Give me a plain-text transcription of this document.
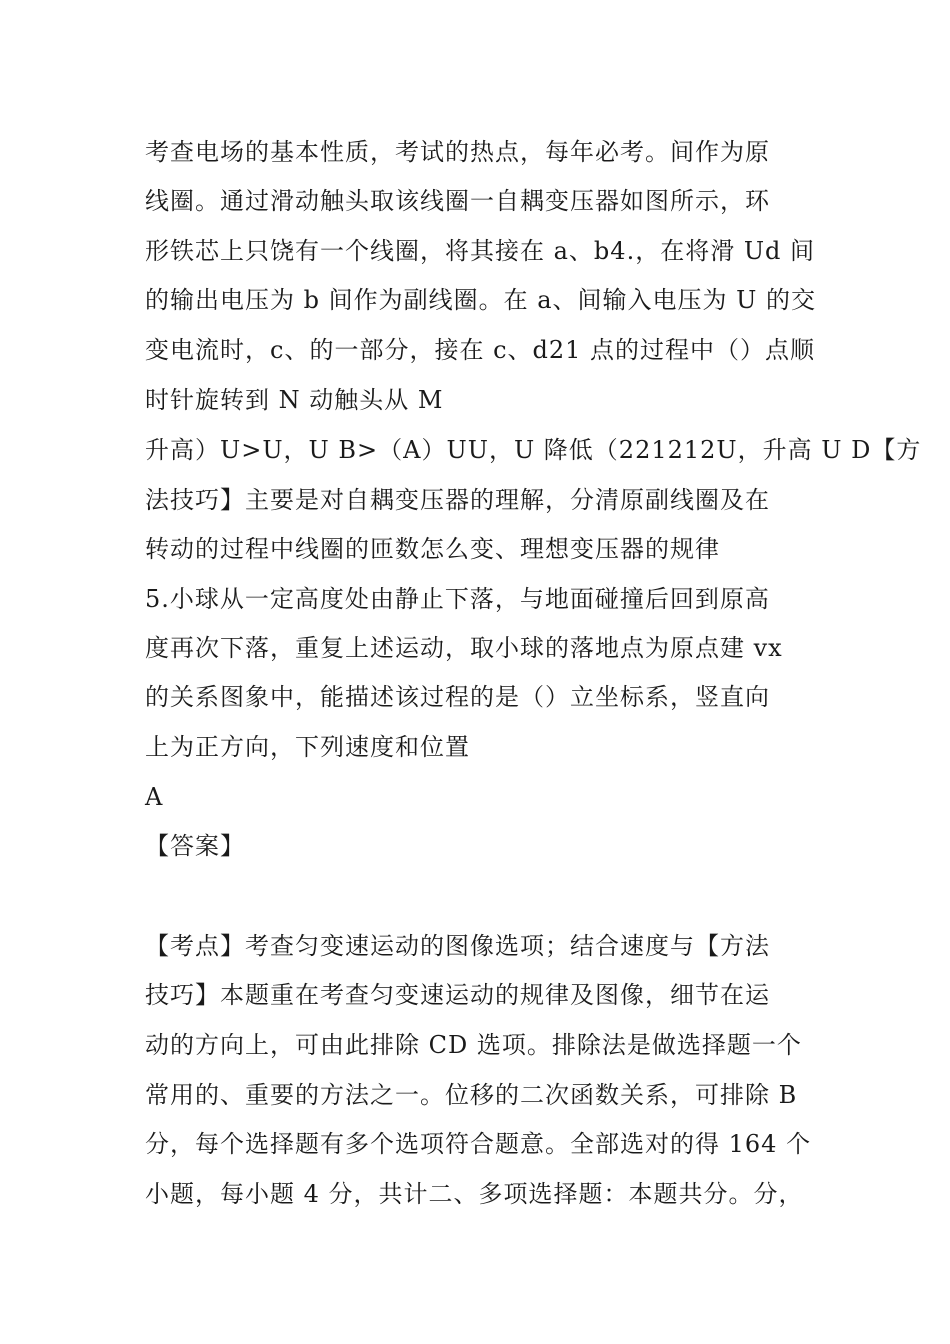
考查电场的基本性质，考试的热点，每年必考。间作为原
线圈。通过滑动触头取该线圈一自耦变压器如图所示，环
形铁芯上只饶有一个线圈，将其接在 a、b4.，在将滑 Ud 间
的输出电压为 b 间作为副线圈。在 a、间输入电压为 U 的交
变电流时，c、的一部分，接在 c、d21 点的过程中（）点顺
时针旋转到 N 动触头从 M
升高）U>U，U B>（A）UU，U 降低（221212U，升高 U D【方
法技巧】主要是对自耦变压器的理解，分清原副线圈及在
转动的过程中线圈的匝数怎么变、理想变压器的规律
5.小球从一定高度处由静止下落，与地面碰撞后回到原高
度再次下落，重复上述运动，取小球的落地点为原点建 vx
的关系图象中，能描述该过程的是（）立坐标系，竖直向
上为正方向，下列速度和位置
A
【答案】
【考点】考查匀变速运动的图像选项；结合速度与【方法
技巧】本题重在考查匀变速运动的规律及图像，细节在运
动的方向上，可由此排除 CD 选项。排除法是做选择题一个
常用的、重要的方法之一。位移的二次函数关系，可排除 B
分，每个选择题有多个选项符合题意。全部选对的得 164 个
小题，每小题 4 分，共计二、多项选择题：本题共分。分，
